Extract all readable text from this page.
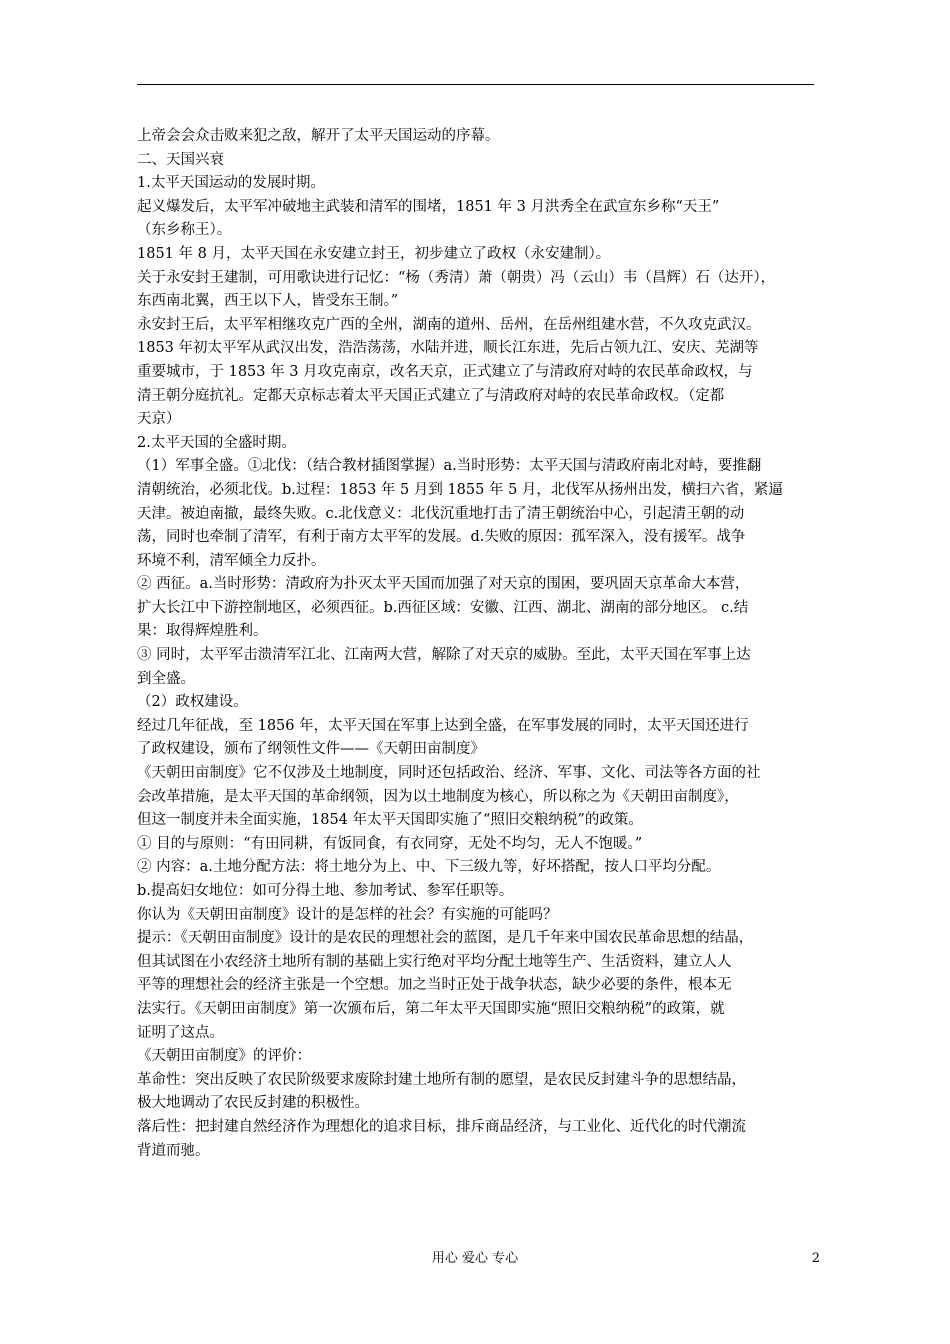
上帝会会众击败来犯之敌，解开了太平天国运动的序幕。
二、天国兴衰
1.太平天国运动的发展时期。
起义爆发后，太平军冲破地主武装和清军的围堵，1851 年 3 月洪秀全在武宣东乡称“天王”
（东乡称王）。
1851 年 8 月，太平天国在永安建立封王，初步建立了政权（永安建制）。
关于永安封王建制，可用歌诀进行记忆：“杨（秀清）萧（朝贵）冯（云山）韦（昌辉）石（达开），
东西南北翼，西王以下人，皆受东王制。”
永安封王后，太平军相继攻克广西的全州，湖南的道州、岳州，在岳州组建水营，不久攻克武汉。
1853 年初太平军从武汉出发，浩浩荡荡，水陆并进，顺长江东进，先后占领九江、安庆、芜湖等
重要城市，于 1853 年 3 月攻克南京，改名天京，正式建立了与清政府对峙的农民革命政权，与
清王朝分庭抗礼。定都天京标志着太平天国正式建立了与清政府对峙的农民革命政权。（定都
天京）
2.太平天国的全盛时期。
（1）军事全盛。①北伐：（结合教材插图掌握）a.当时形势：太平天国与清政府南北对峙，要推翻
清朝统治，必须北伐。b.过程：1853 年 5 月到 1855 年 5 月，北伐军从扬州出发，横扫六省，紧逼
天津。被迫南撤，最终失败。c.北伐意义：北伐沉重地打击了清王朝统治中心，引起清王朝的动
荡，同时也牵制了清军，有利于南方太平军的发展。d.失败的原因：孤军深入，没有援军。战争
环境不利，清军倾全力反扑。
② 西征。a.当时形势：清政府为扑灭太平天国而加强了对天京的围困，要巩固天京革命大本营，
扩大长江中下游控制地区，必须西征。b.西征区域：安徽、江西、湖北、湖南的部分地区。 c.结
果：取得辉煌胜利。
③ 同时，太平军击溃清军江北、江南两大营，解除了对天京的威胁。至此，太平天国在军事上达
到全盛。
（2）政权建设。
经过几年征战，至 1856 年，太平天国在军事上达到全盛，在军事发展的同时，太平天国还进行
了政权建设，颁布了纲领性文件——《天朝田亩制度》
《天朝田亩制度》它不仅涉及土地制度，同时还包括政治、经济、军事、文化、司法等各方面的社
会改革措施，是太平天国的革命纲领，因为以土地制度为核心，所以称之为《天朝田亩制度》，
但这一制度并未全面实施，1854 年太平天国即实施了“照旧交粮纳税”的政策。
① 目的与原则：“有田同耕，有饭同食，有衣同穿，无处不均匀，无人不饱暖。”
② 内容：a.土地分配方法：将土地分为上、中、下三级九等，好坏搭配，按人口平均分配。
b.提高妇女地位：如可分得土地、参加考试、参军任职等。
你认为《天朝田亩制度》设计的是怎样的社会？有实施的可能吗？
提示：《天朝田亩制度》设计的是农民的理想社会的蓝图，是几千年来中国农民革命思想的结晶，
但其试图在小农经济土地所有制的基础上实行绝对平均分配土地等生产、生活资料，建立人人
平等的理想社会的经济主张是一个空想。加之当时正处于战争状态，缺少必要的条件，根本无
法实行。《天朝田亩制度》第一次颁布后，第二年太平天国即实施“照旧交粮纳税”的政策，就
证明了这点。
《天朝田亩制度》的评价：
革命性：突出反映了农民阶级要求废除封建土地所有制的愿望，是农民反封建斗争的思想结晶，
极大地调动了农民反封建的积极性。
落后性：把封建自然经济作为理想化的追求目标，排斥商品经济，与工业化、近代化的时代潮流
背道而驰。
用心 爱心 专心	2
